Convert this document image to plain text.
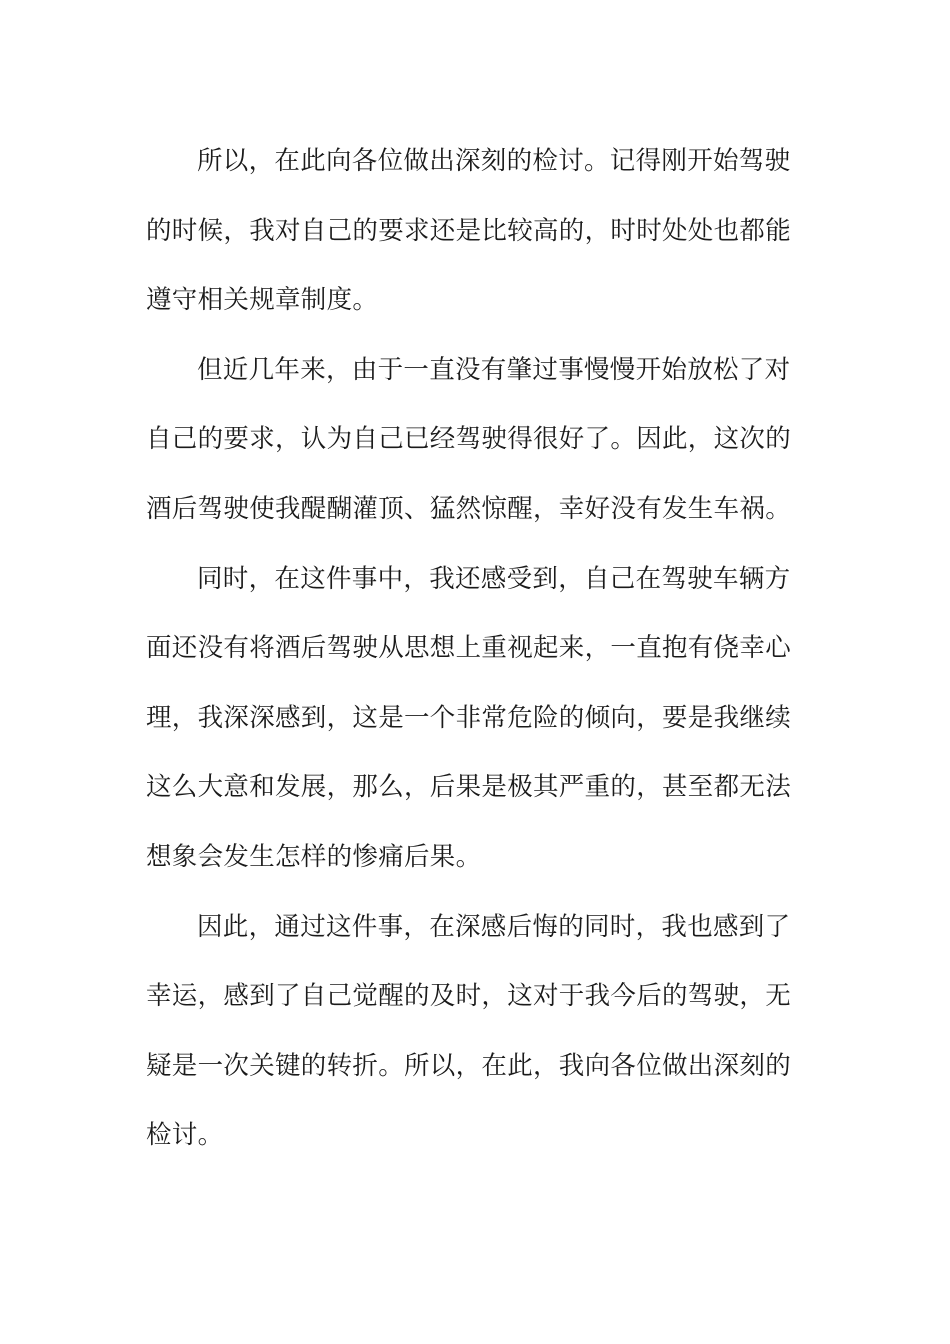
所以，在此向各位做出深刻的检讨。记得刚开始驾驶
的时候，我对自己的要求还是比较高的，时时处处也都能
遵守相关规章制度。
但近几年来，由于一直没有肇过事慢慢开始放松了对
自己的要求，认为自己已经驾驶得很好了。因此，这次的
酒后驾驶使我醍醐灌顶、猛然惊醒，幸好没有发生车祸。
同时，在这件事中，我还感受到，自己在驾驶车辆方
面还没有将酒后驾驶从思想上重视起来，一直抱有侥幸心
理，我深深感到，这是一个非常危险的倾向，要是我继续
这么大意和发展，那么，后果是极其严重的，甚至都无法
想象会发生怎样的惨痛后果。
因此，通过这件事，在深感后悔的同时，我也感到了
幸运，感到了自己觉醒的及时，这对于我今后的驾驶，无
疑是一次关键的转折。所以，在此，我向各位做出深刻的
检讨。
